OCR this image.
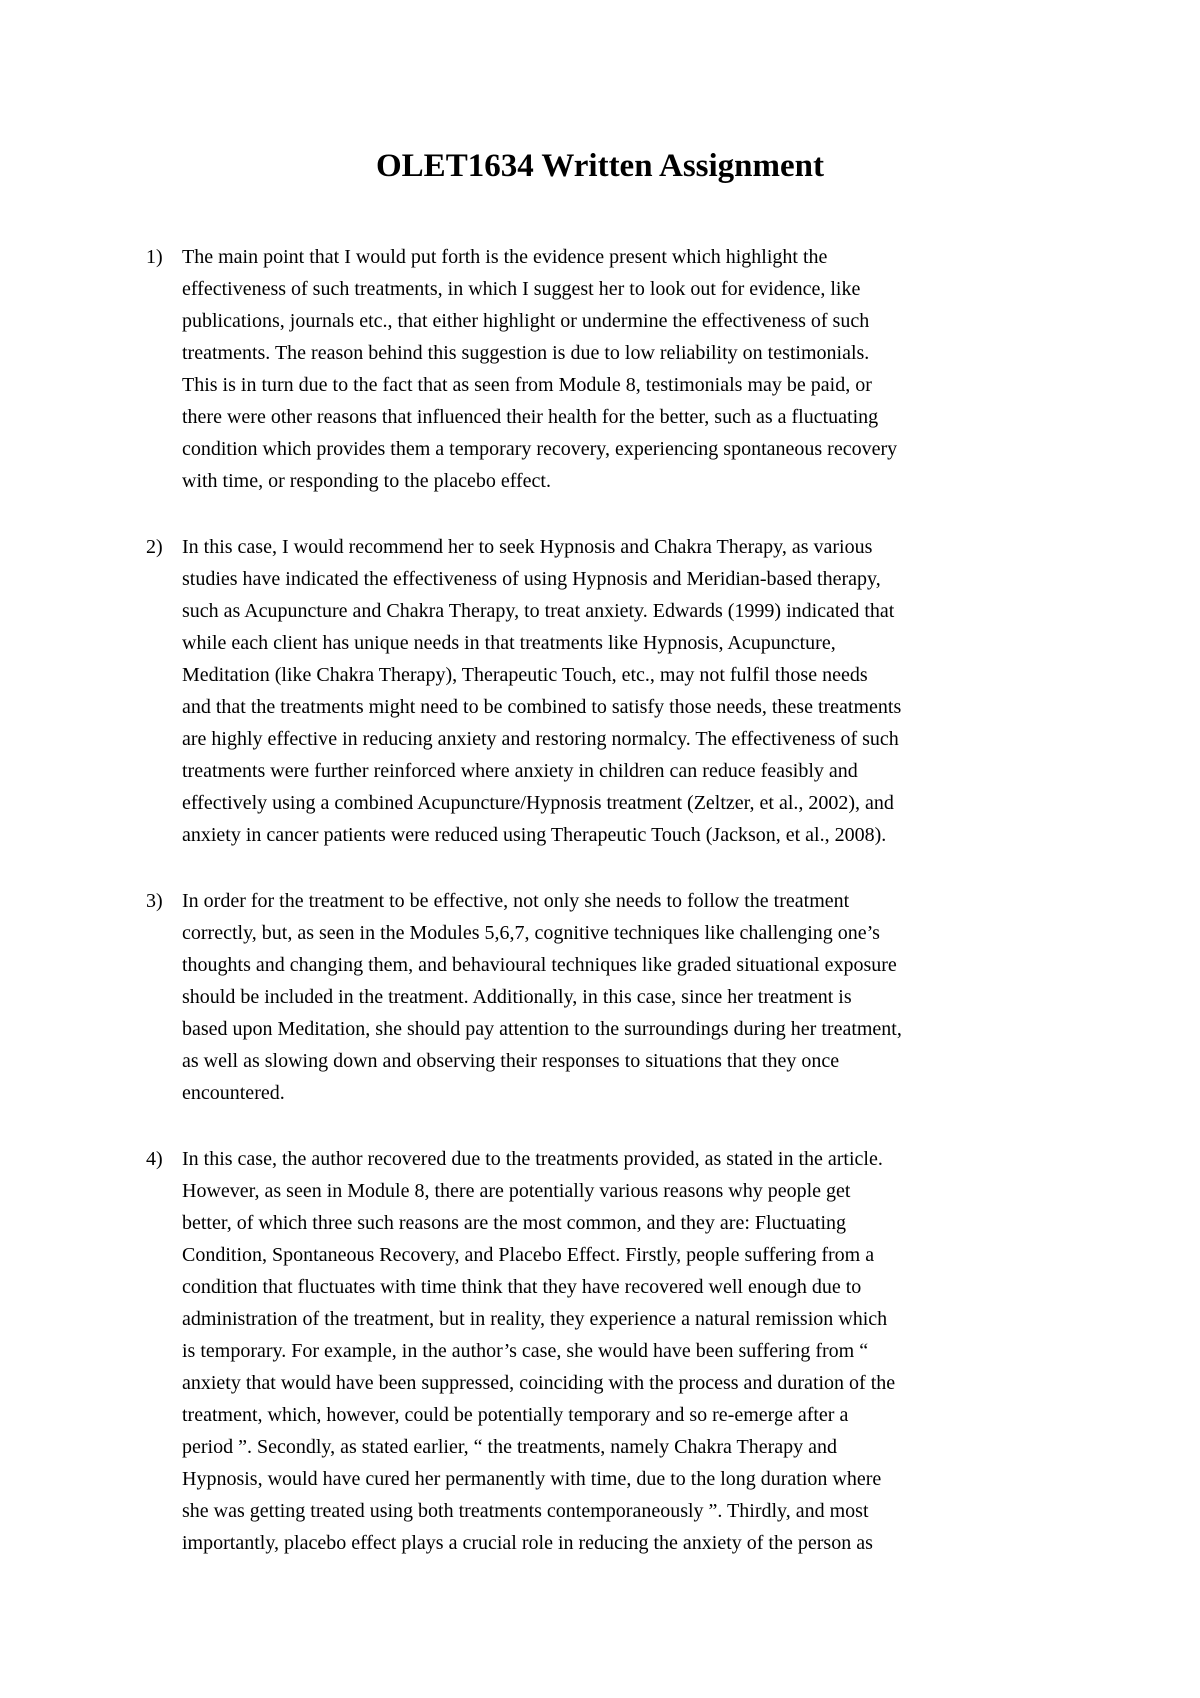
OLET1634 Written Assignment
1) The main point that I would put forth is the evidence present which highlight the
effectiveness of such treatments, in which I suggest her to look out for evidence, like
publications, journals etc., that either highlight or undermine the effectiveness of such
treatments. The reason behind this suggestion is due to low reliability on testimonials.
This is in turn due to the fact that as seen from Module 8, testimonials may be paid, or
there were other reasons that influenced their health for the better, such as a fluctuating
condition which provides them a temporary recovery, experiencing spontaneous recovery
with time, or responding to the placebo effect.

2) In this case, I would recommend her to seek Hypnosis and Chakra Therapy, as various
studies have indicated the effectiveness of using Hypnosis and Meridian-based therapy,
such as Acupuncture and Chakra Therapy, to treat anxiety. Edwards (1999) indicated that
while each client has unique needs in that treatments like Hypnosis, Acupuncture,
Meditation (like Chakra Therapy), Therapeutic Touch, etc., may not fulfil those needs
and that the treatments might need to be combined to satisfy those needs, these treatments
are highly effective in reducing anxiety and restoring normalcy. The effectiveness of such
treatments were further reinforced where anxiety in children can reduce feasibly and
effectively using a combined Acupuncture/Hypnosis treatment (Zeltzer, et al., 2002), and
anxiety in cancer patients were reduced using Therapeutic Touch (Jackson, et al., 2008).

3) In order for the treatment to be effective, not only she needs to follow the treatment
correctly, but, as seen in the Modules 5,6,7, cognitive techniques like challenging one’s
thoughts and changing them, and behavioural techniques like graded situational exposure
should be included in the treatment. Additionally, in this case, since her treatment is
based upon Meditation, she should pay attention to the surroundings during her treatment,
as well as slowing down and observing their responses to situations that they once
encountered.

4) In this case, the author recovered due to the treatments provided, as stated in the article.
However, as seen in Module 8, there are potentially various reasons why people get
better, of which three such reasons are the most common, and they are: Fluctuating
Condition, Spontaneous Recovery, and Placebo Effect. Firstly, people suffering from a
condition that fluctuates with time think that they have recovered well enough due to
administration of the treatment, but in reality, they experience a natural remission which
is temporary. For example, in the author’s case, she would have been suffering from “
anxiety that would have been suppressed, coinciding with the process and duration of the
treatment, which, however, could be potentially temporary and so re-emerge after a
period ”. Secondly, as stated earlier, “ the treatments, namely Chakra Therapy and
Hypnosis, would have cured her permanently with time, due to the long duration where
she was getting treated using both treatments contemporaneously ”. Thirdly, and most
importantly, placebo effect plays a crucial role in reducing the anxiety of the person as
